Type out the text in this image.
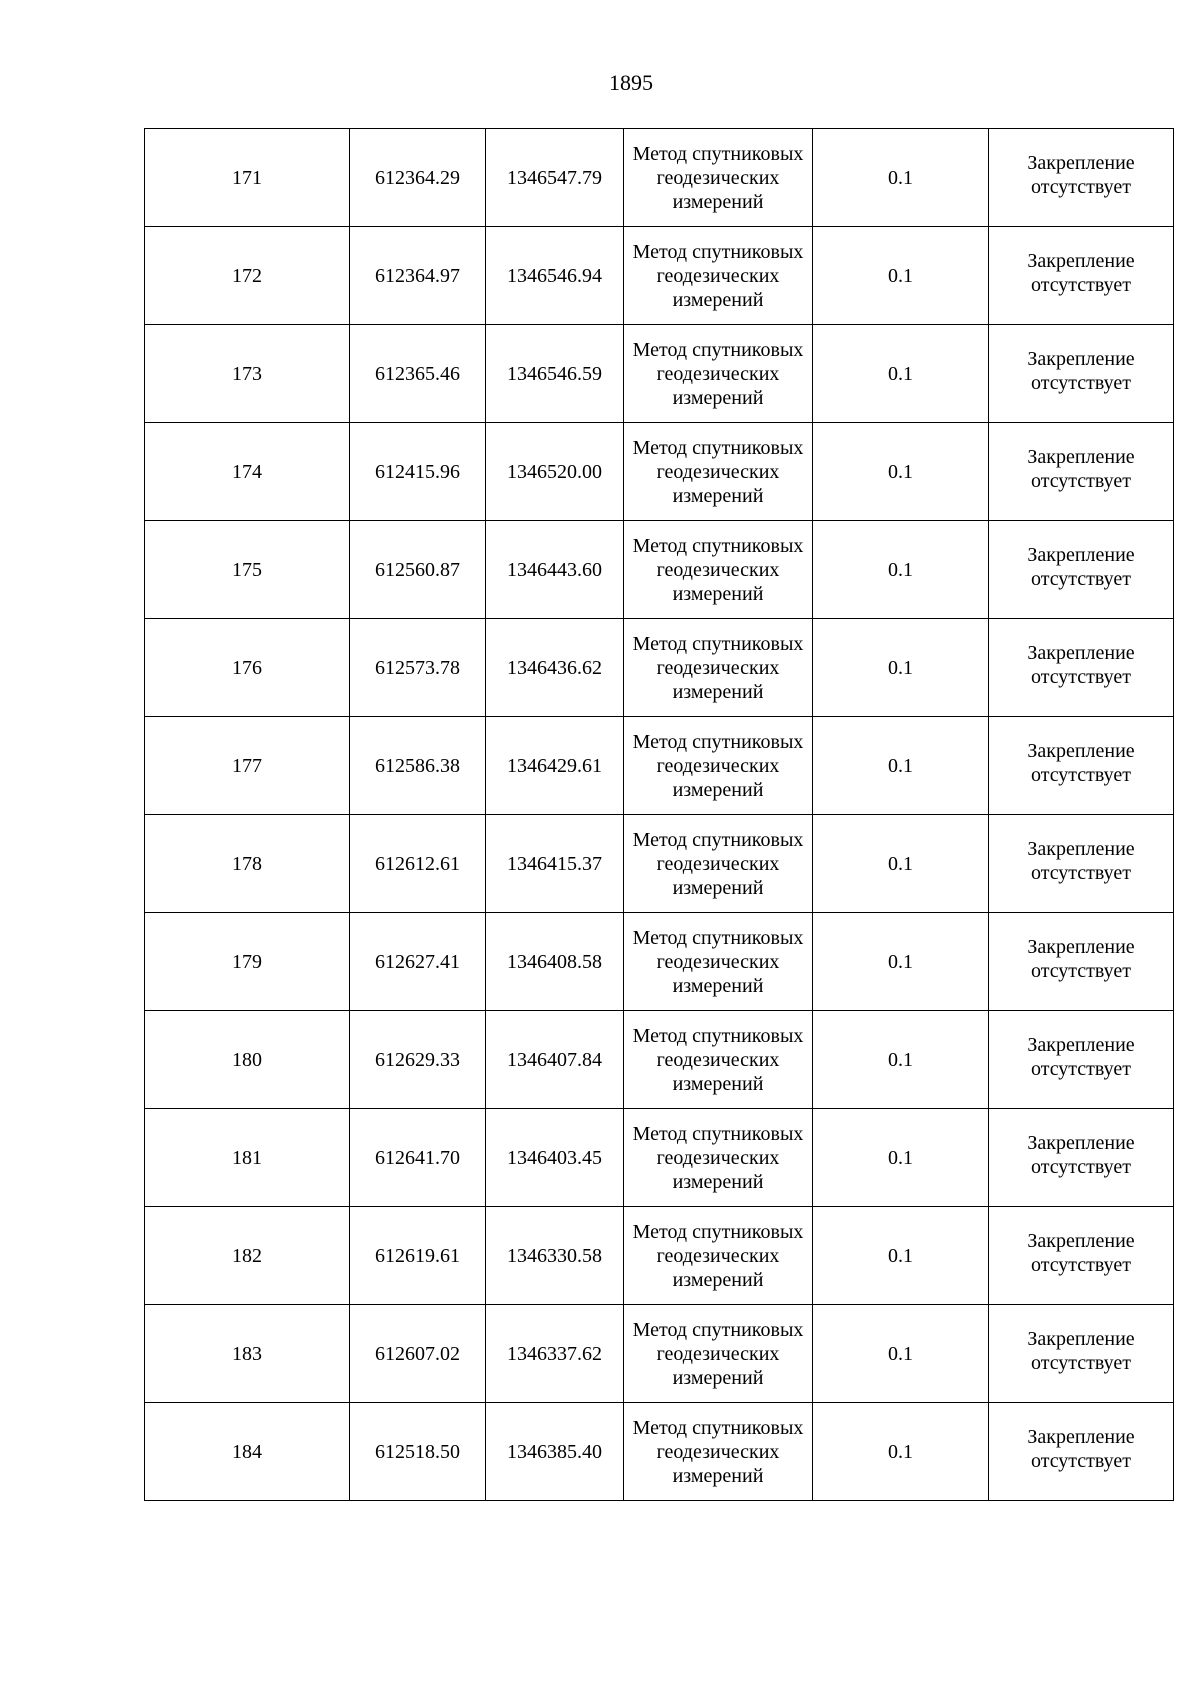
1895
171	612364.29	1346547.79	Метод спутниковых геодезических измерений	0.1	Закрепление отсутствует

172	612364.97	1346546.94	Метод спутниковых геодезических измерений	0.1	Закрепление отсутствует

173	612365.46	1346546.59	Метод спутниковых геодезических измерений	0.1	Закрепление отсутствует

174	612415.96	1346520.00	Метод спутниковых геодезических измерений	0.1	Закрепление отсутствует

175	612560.87	1346443.60	Метод спутниковых геодезических измерений	0.1	Закрепление отсутствует

176	612573.78	1346436.62	Метод спутниковых геодезических измерений	0.1	Закрепление отсутствует

177	612586.38	1346429.61	Метод спутниковых геодезических измерений	0.1	Закрепление отсутствует

178	612612.61	1346415.37	Метод спутниковых геодезических измерений	0.1	Закрепление отсутствует

179	612627.41	1346408.58	Метод спутниковых геодезических измерений	0.1	Закрепление отсутствует

180	612629.33	1346407.84	Метод спутниковых геодезических измерений	0.1	Закрепление отсутствует

181	612641.70	1346403.45	Метод спутниковых геодезических измерений	0.1	Закрепление отсутствует

182	612619.61	1346330.58	Метод спутниковых геодезических измерений	0.1	Закрепление отсутствует

183	612607.02	1346337.62	Метод спутниковых геодезических измерений	0.1	Закрепление отсутствует

184	612518.50	1346385.40	Метод спутниковых геодезических измерений	0.1	Закрепление отсутствует
